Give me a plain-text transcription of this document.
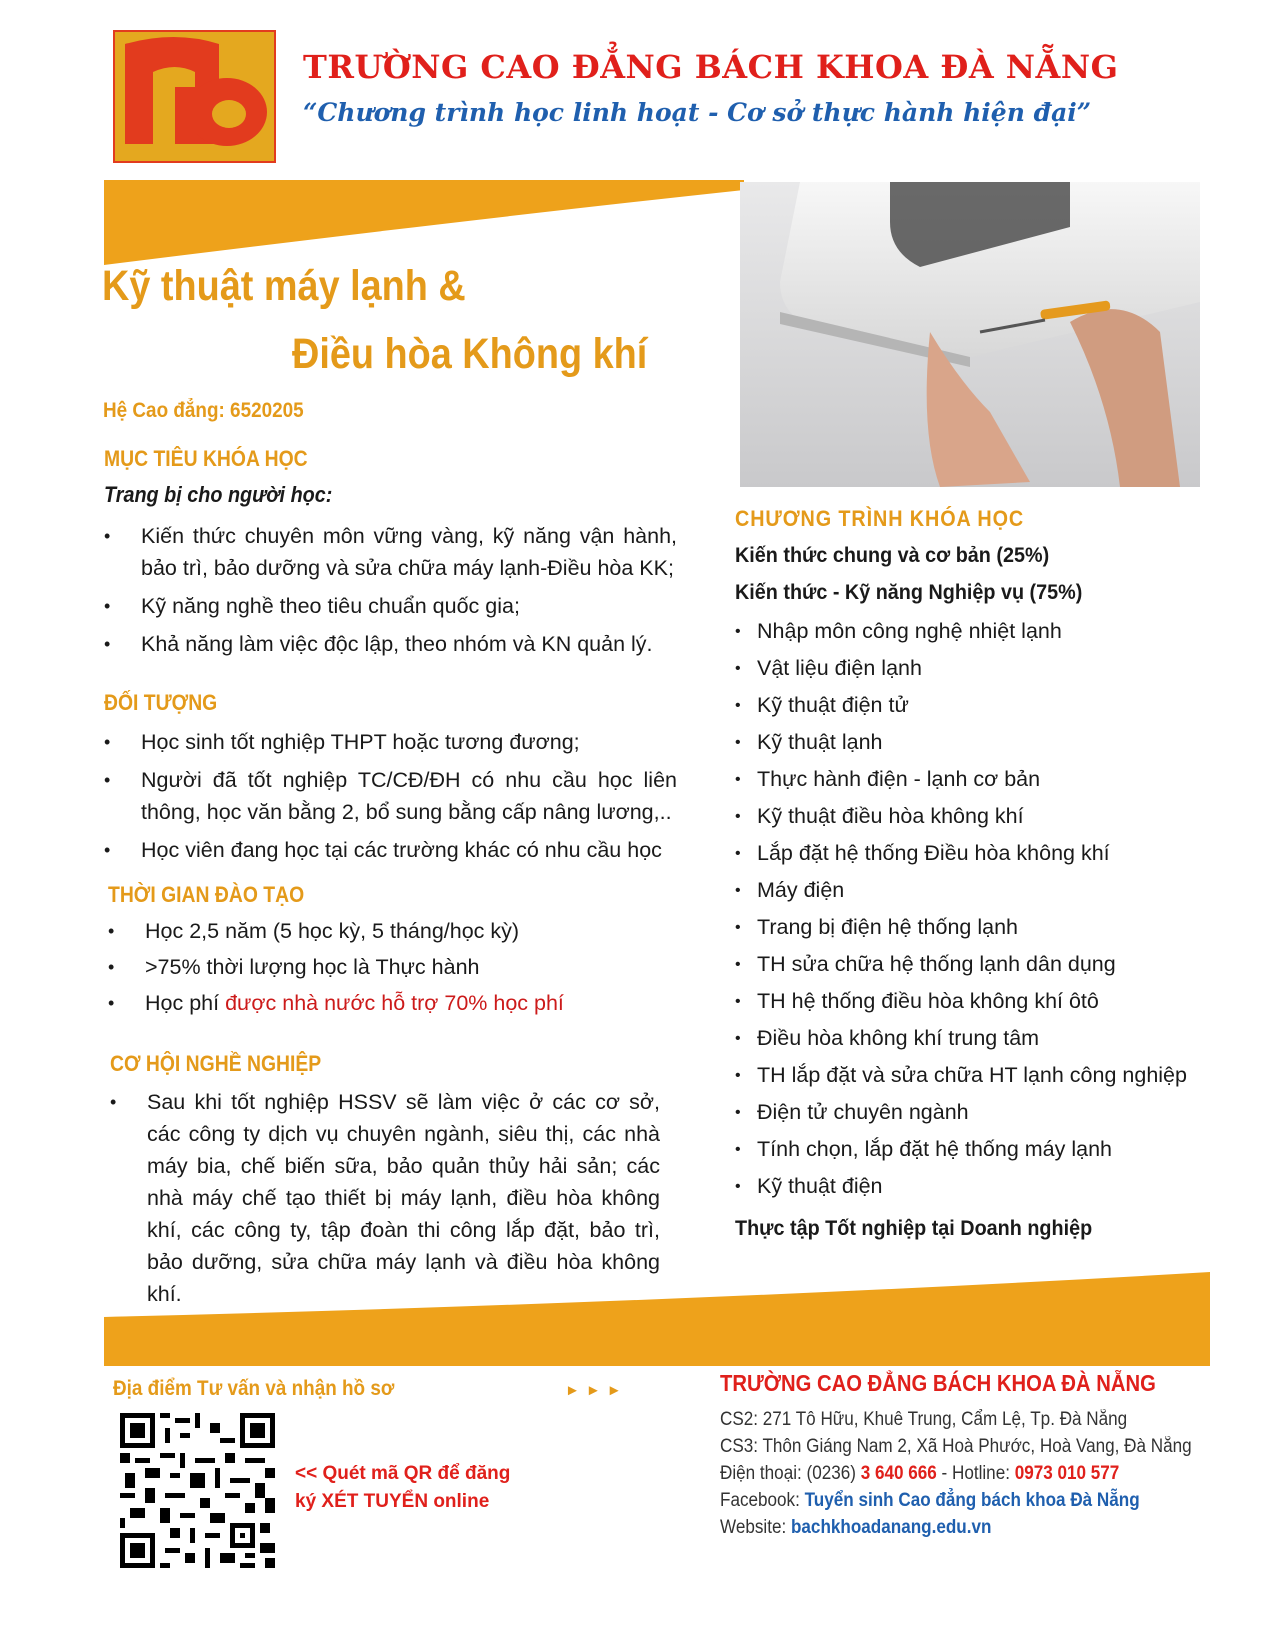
TRƯỜNG CAO ĐẲNG BÁCH KHOA ĐÀ NẴNG
“Chương trình học linh hoạt - Cơ sở thực hành hiện đại”
Kỹ thuật máy lạnh &
Điều hòa Không khí
Hệ Cao đẳng: 6520205
MỤC TIÊU KHÓA HỌC
Trang bị cho người học:
• Kiến thức chuyên môn vững vàng, kỹ năng vận hành, bảo trì, bảo dưỡng và sửa chữa máy lạnh-Điều hòa KK;
• Kỹ năng nghề theo tiêu chuẩn quốc gia;
• Khả năng làm việc độc lập, theo nhóm và KN quản lý.
ĐỐI TƯỢNG
• Học sinh tốt nghiệp THPT hoặc tương đương;
• Người đã tốt nghiệp TC/CĐ/ĐH có nhu cầu học liên thông, học văn bằng 2, bổ sung bằng cấp nâng lương,..
• Học viên đang học tại các trường khác có nhu cầu học
THỜI GIAN ĐÀO TẠO
• Học 2,5 năm (5 học kỳ, 5 tháng/học kỳ)
• >75% thời lượng học là Thực hành
• Học phí được nhà nước hỗ trợ 70% học phí
CƠ HỘI NGHỀ NGHIỆP
• Sau khi tốt nghiệp HSSV sẽ làm việc ở các cơ sở, các công ty dịch vụ chuyên ngành, siêu thị, các nhà máy bia, chế biến sữa, bảo quản thủy hải sản; các nhà máy chế tạo thiết bị máy lạnh, điều hòa không khí, các công ty, tập đoàn thi công lắp đặt, bảo trì, bảo dưỡng, sửa chữa máy lạnh và điều hòa không khí.
CHƯƠNG TRÌNH KHÓA HỌC
Kiến thức chung và cơ bản (25%)
Kiến thức - Kỹ năng Nghiệp vụ (75%)
• Nhập môn công nghệ nhiệt lạnh
• Vật liệu điện lạnh
• Kỹ thuật điện tử
• Kỹ thuật lạnh
• Thực hành điện - lạnh cơ bản
• Kỹ thuật điều hòa không khí
• Lắp đặt hệ thống Điều hòa không khí
• Máy điện
• Trang bị điện hệ thống lạnh
• TH sửa chữa hệ thống lạnh dân dụng
• TH hệ thống điều hòa không khí ôtô
• Điều hòa không khí trung tâm
• TH lắp đặt và sửa chữa HT lạnh công nghiệp
• Điện tử chuyên ngành
• Tính chọn, lắp đặt hệ thống máy lạnh
• Kỹ thuật điện
Thực tập Tốt nghiệp tại Doanh nghiệp
Địa điểm Tư vấn và nhận hồ sơ	►►►
<< Quét mã QR để đăng ký XÉT TUYỂN online
TRƯỜNG CAO ĐẲNG BÁCH KHOA ĐÀ NẴNG
CS2: 271 Tô Hữu, Khuê Trung, Cẩm Lệ, Tp. Đà Nẵng
CS3: Thôn Giáng Nam 2, Xã Hoà Phước, Hoà Vang, Đà Nẵng
Điện thoại: (0236) 3 640 666 - Hotline: 0973 010 577
Facebook: Tuyển sinh Cao đẳng bách khoa Đà Nẵng
Website: bachkhoadanang.edu.vn
